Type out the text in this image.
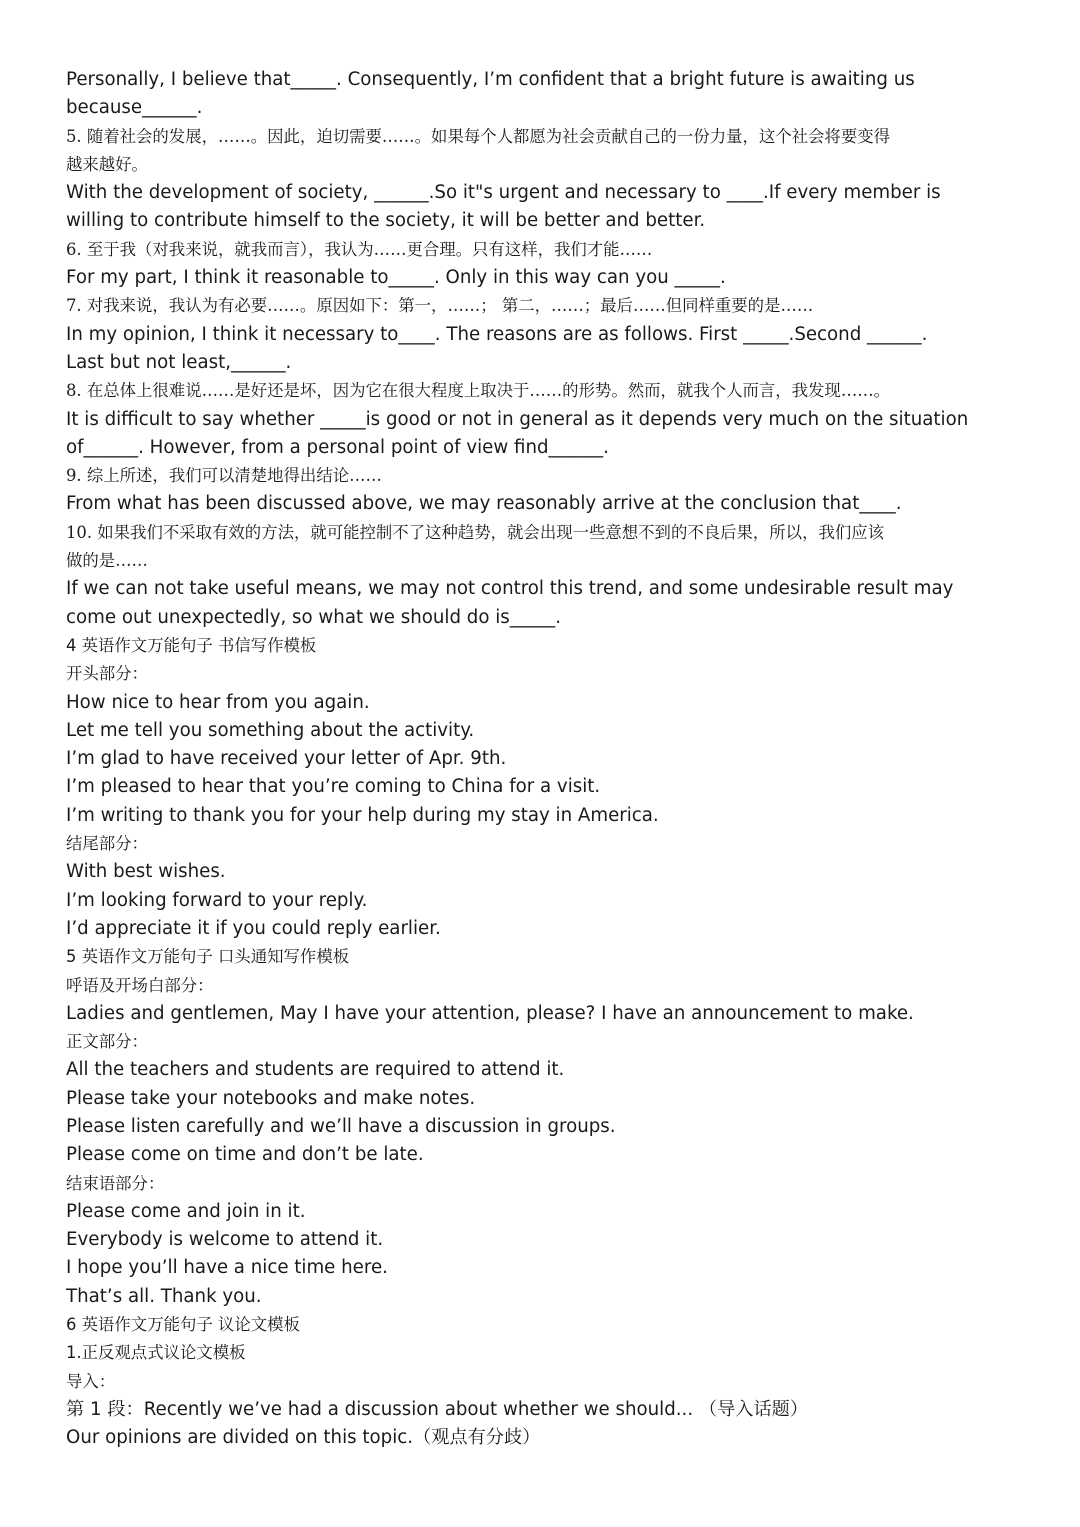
Personally, I believe that_____. Consequently, I’m confident that a bright future is awaiting us
because______.
5. 随着社会的发展，……。因此，迫切需要……。如果每个人都愿为社会贡献自己的一份力量，这个社会将要变得
越来越好。
With the development of society, ______.So it"s urgent and necessary to ____.If every member is
willing to contribute himself to the society, it will be better and better.
6. 至于我（对我来说，就我而言），我认为……更合理。只有这样，我们才能……
For my part, I think it reasonable to_____. Only in this way can you _____.
7. 对我来说，我认为有必要……。原因如下：第一，……； 第二，……；最后……但同样重要的是……
In my opinion, I think it necessary to____. The reasons are as follows. First _____.Second ______.
Last but not least,______.
8. 在总体上很难说……是好还是坏，因为它在很大程度上取决于……的形势。然而，就我个人而言，我发现……。
It is difficult to say whether _____is good or not in general as it depends very much on the situation
of______. However, from a personal point of view find______.
9. 综上所述，我们可以清楚地得出结论……
From what has been discussed above, we may reasonably arrive at the conclusion that____.
10. 如果我们不采取有效的方法，就可能控制不了这种趋势，就会出现一些意想不到的不良后果，所以，我们应该
做的是……
If we can not take useful means, we may not control this trend, and some undesirable result may
come out unexpectedly, so what we should do is_____.
4 英语作文万能句子 书信写作模板
开头部分：
How nice to hear from you again.
Let me tell you something about the activity.
I’m glad to have received your letter of Apr. 9th.
I’m pleased to hear that you’re coming to China for a visit.
I’m writing to thank you for your help during my stay in America.
结尾部分：
With best wishes.
I’m looking forward to your reply.
I’d appreciate it if you could reply earlier.
5 英语作文万能句子 口头通知写作模板
呼语及开场白部分：
Ladies and gentlemen, May I have your attention, please? I have an announcement to make.
正文部分：
All the teachers and students are required to attend it.
Please take your notebooks and make notes.
Please listen carefully and we’ll have a discussion in groups.
Please come on time and don’t be late.
结束语部分：
Please come and join in it.
Everybody is welcome to attend it.
I hope you’ll have a nice time here.
That’s all. Thank you.
6 英语作文万能句子 议论文模板
1.正反观点式议论文模板
导入：
第 1 段：Recently we’ve had a discussion about whether we should... （导入话题）
Our opinions are divided on this topic.（观点有分歧）
